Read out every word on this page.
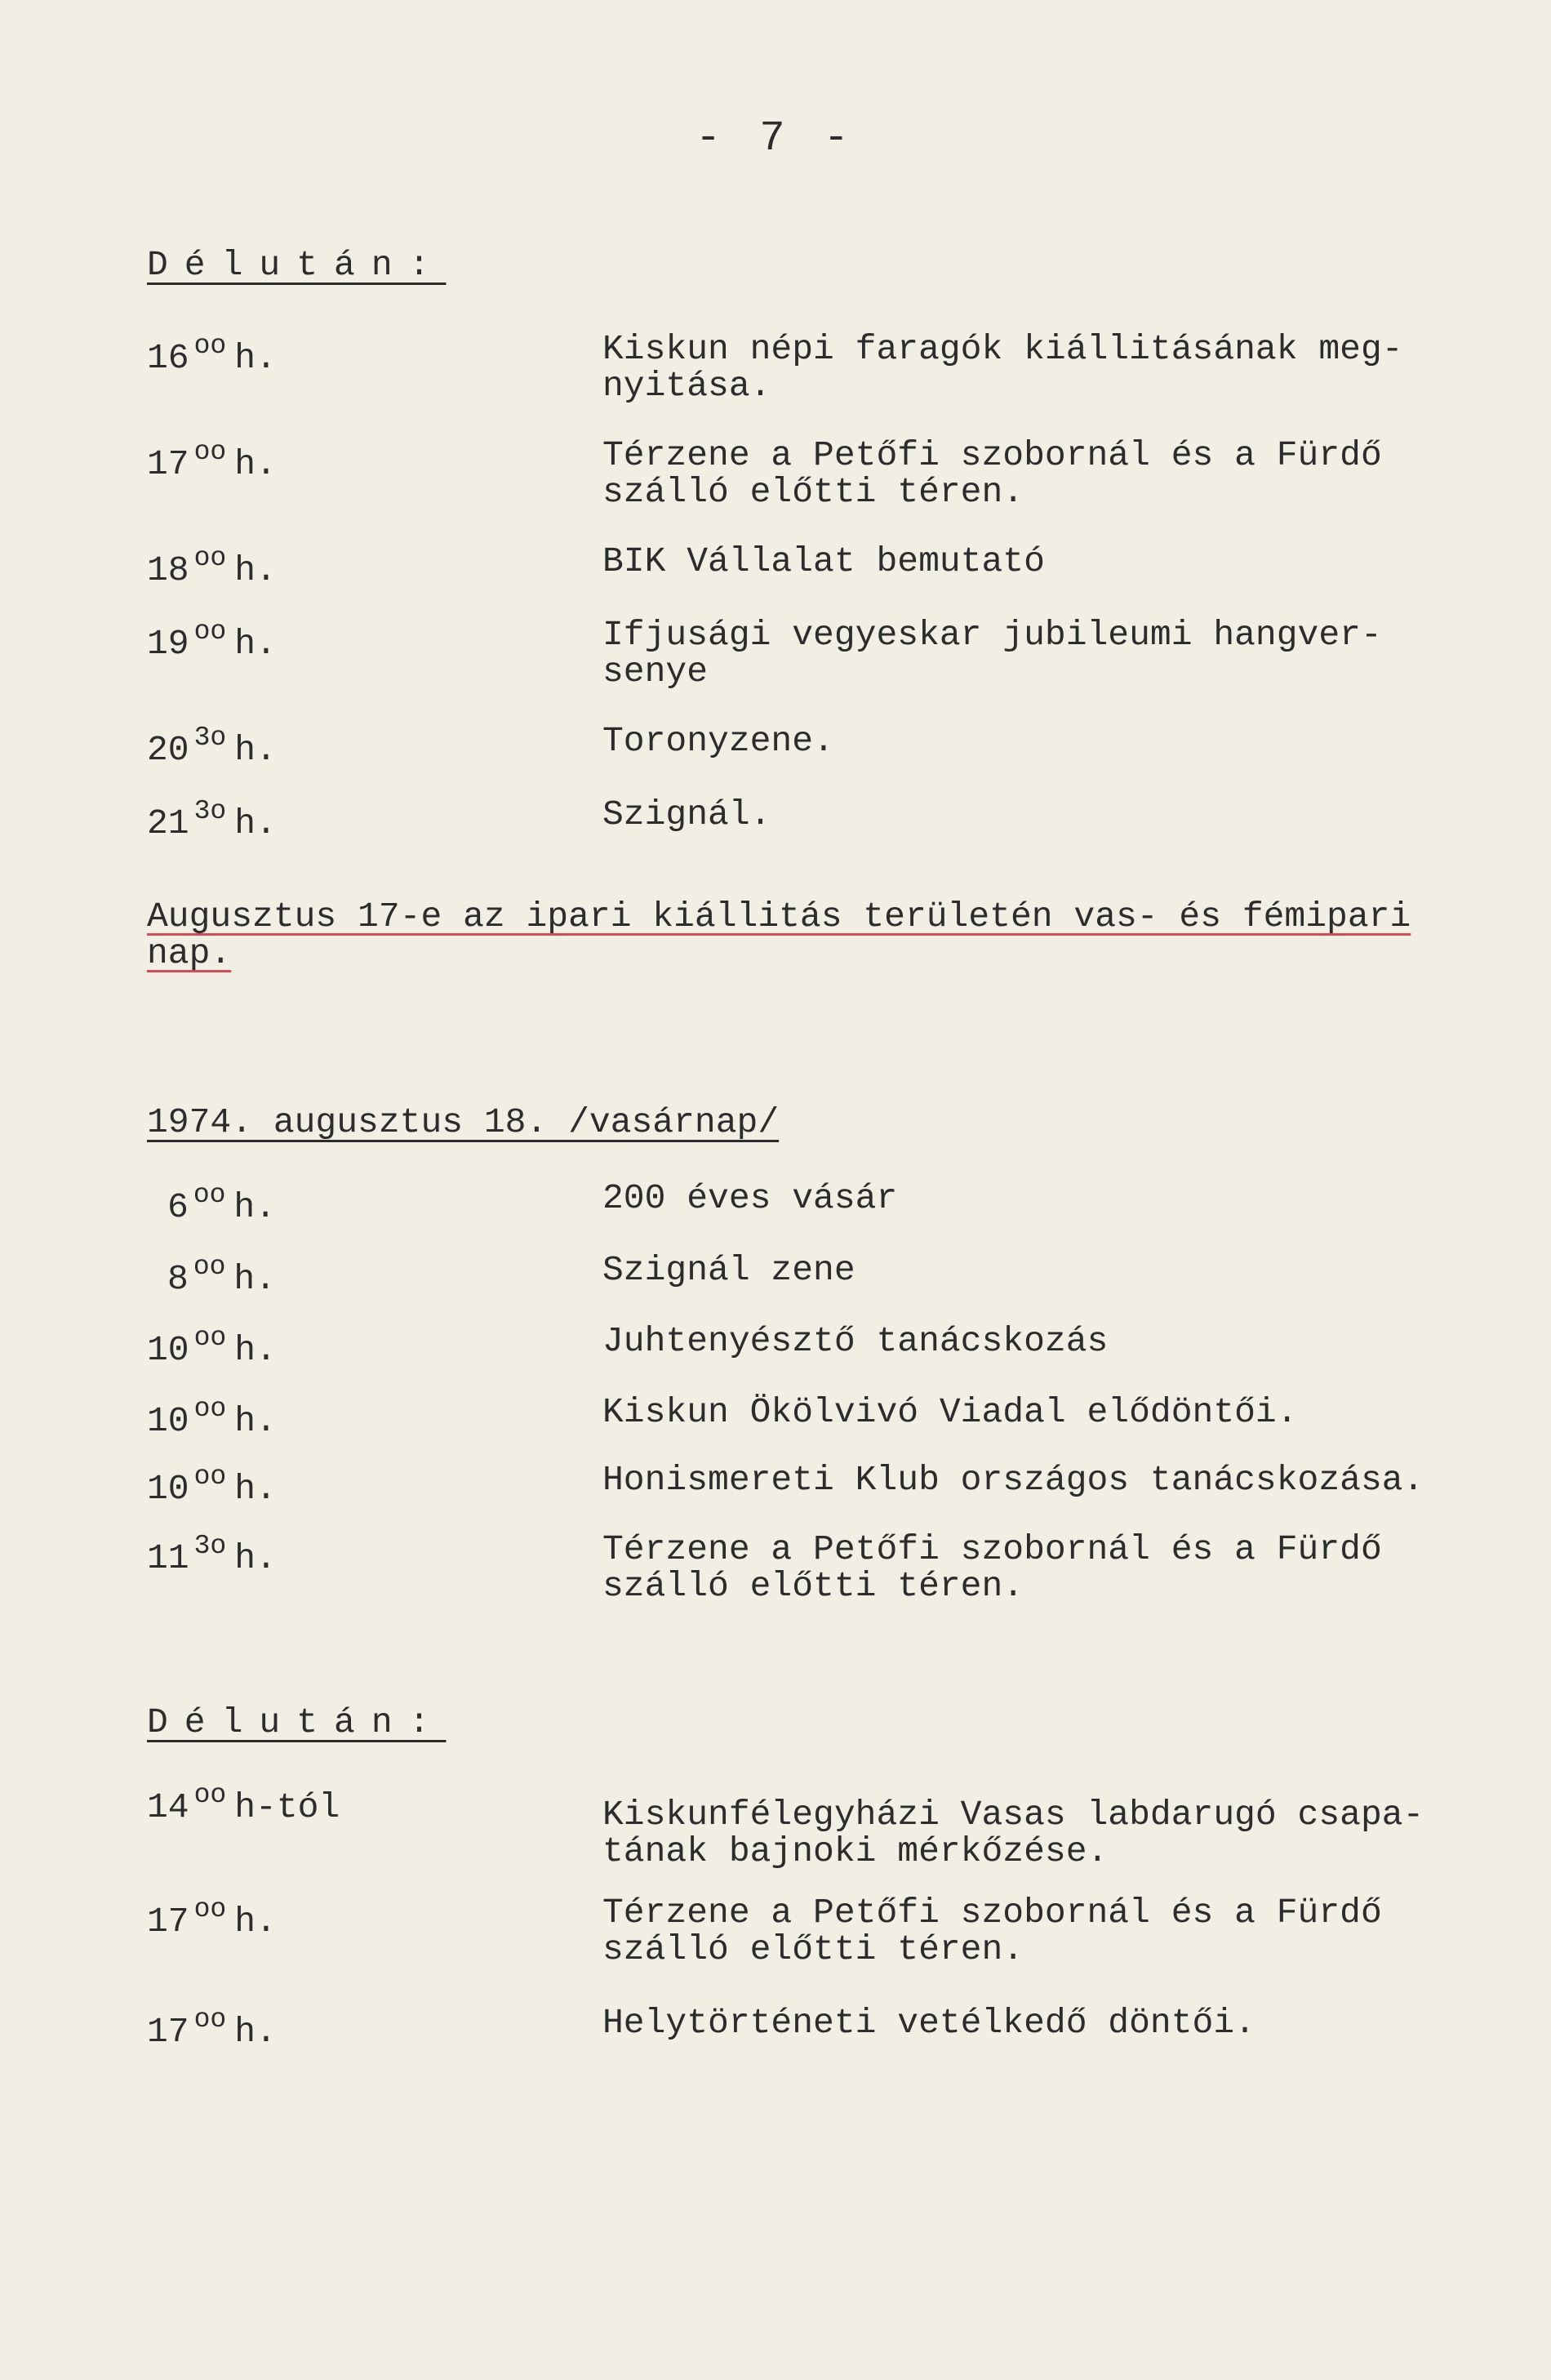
- 7 -
Délután:
16 $^{oo}$ h.	Kiskun népi faragók kiállitásának meg-
nyitása.
17 $^{oo}$ h.	Térzene a Petőfi szobornál és a Fürdő
szálló előtti téren.
18 $^{oo}$ h.	BIK Vállalat bemutató
19 $^{oo}$ h.	Ifjusági vegyeskar jubileumi hangver-
senye
20 $^{3o}$ h.	Toronyzene.
21 $^{3o}$ h.	Szignál.
Augusztus 17-e az ipari kiállitás területén vas- és fémipari
nap.
1974. augusztus 18. /vasárnap/
6 $^{oo}$ h.	200 éves vásár
8 $^{oo}$ h.	Szignál zene
10 $^{oo}$ h.	Juhtenyésztő tanácskozás
10 $^{oo}$ h.	Kiskun Ökölvivó Viadal elődöntői.
10 $^{oo}$ h.	Honismereti Klub országos tanácskozása.
11 $^{3o}$ h.	Térzene a Petőfi szobornál és a Fürdő
szálló előtti téren.
Délután:
14 $^{oo}$ h-tól	Kiskunfélegyházi Vasas labdarugó csapa-
tának bajnoki mérkőzése.
17 $^{oo}$ h.	Térzene a Petőfi szobornál és a Fürdő
szálló előtti téren.
17 $^{oo}$ h.	Helytörténeti vetélkedő döntői.
